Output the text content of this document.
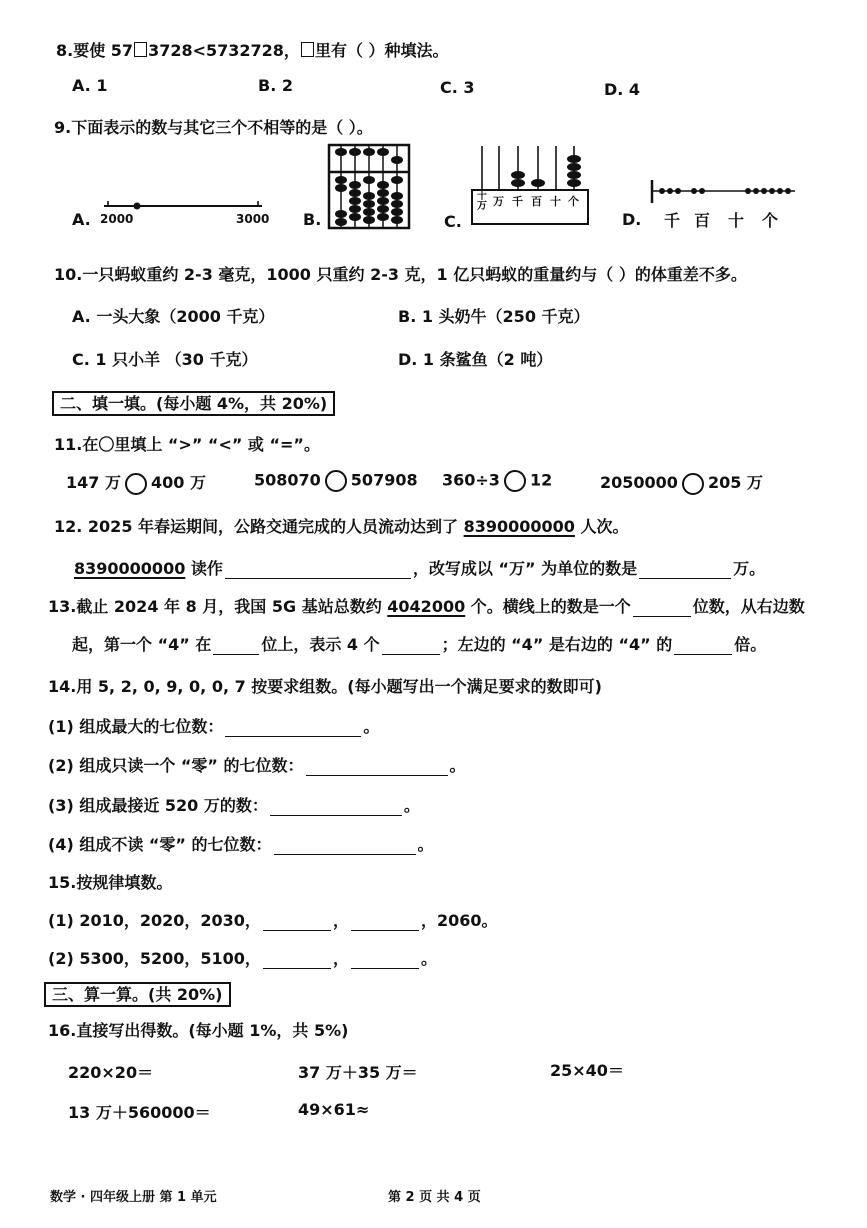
8.要使 57 3728<5732728， 里有（ ）种填法。
A. 1	B. 2	C. 3	D. 4
9.下面表示的数与其它三个不相等的是（ ）。
A. 2000	3000 B.	C.
十万 万 千 百 十 个
D. 千 百 十 个
10.一只蚂蚁重约 2-3 毫克，1000 只重约 2-3 克，1 亿只蚂蚁的重量约与（ ）的体重差不多。
A. 一头大象（2000 千克）	B. 1 头奶牛（250 千克）
C. 1 只小羊 （30 千克）	D. 1 条鲨鱼（2 吨）
二、填一填。(每小题 4%，共 20%)
11.在〇里填上 “>” “<” 或 “=”。
147 万 400 万	508070 507908 360÷3 12	2050000 205 万
12. 2025 年春运期间，公路交通完成的人员流动达到了 8390000000 人次。
8390000000 读作	，改写成以 “万” 为单位的数是	万。
13.截止 2024 年 8 月，我国 5G 基站总数约 4042000 个。横线上的数是一个	位数，从右边数
起，第一个 “4” 在	位上，表示 4 个	；左边的 “4” 是右边的 “4” 的	倍。
14.用 5, 2, 0, 9, 0, 0, 7 按要求组数。(每小题写出一个满足要求的数即可)
(1) 组成最大的七位数：	。
(2) 组成只读一个 “零” 的七位数：	。
(3) 组成最接近 520 万的数：	。
(4) 组成不读 “零” 的七位数：	。
15.按规律填数。
(1) 2010，2020，2030，	，	，2060。
(2) 5300，5200，5100，	，	。
三、算一算。(共 20%)
16.直接写出得数。(每小题 1%，共 5%)
220×20＝	37 万＋35 万＝	25×40＝
13 万＋560000＝	49×61≈
数学 · 四年级上册 第 1 单元	第 2 页 共 4 页
